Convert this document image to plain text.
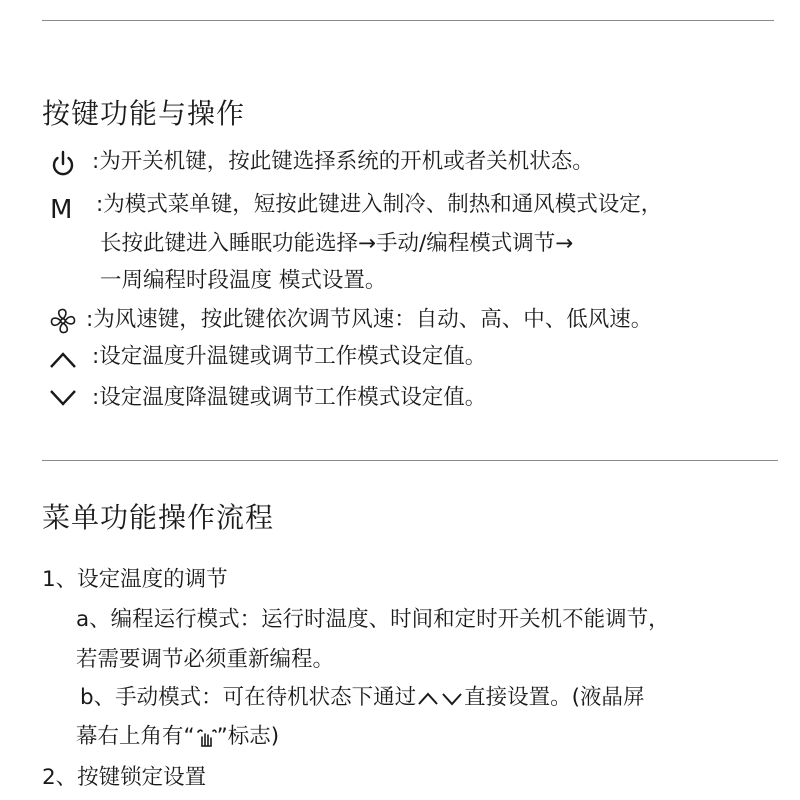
按键功能与操作
:为开关机键，按此键选择系统的开机或者关机状态。
M :为模式菜单键，短按此键进入制冷、制热和通风模式设定，
长按此键进入睡眠功能选择→手动/编程模式调节→
一周编程时段温度 模式设置。
:为风速键，按此键依次调节风速：自动、高、中、低风速。
:设定温度升温键或调节工作模式设定值。
:设定温度降温键或调节工作模式设定值。
菜单功能操作流程
1、设定温度的调节
a、编程运行模式：运行时温度、时间和定时开关机不能调节，
若需要调节必须重新编程。
b、手动模式：可在待机状态下通过 直接设置。(液晶屏
幕右上角有“ ”标志)
2、按键锁定设置
